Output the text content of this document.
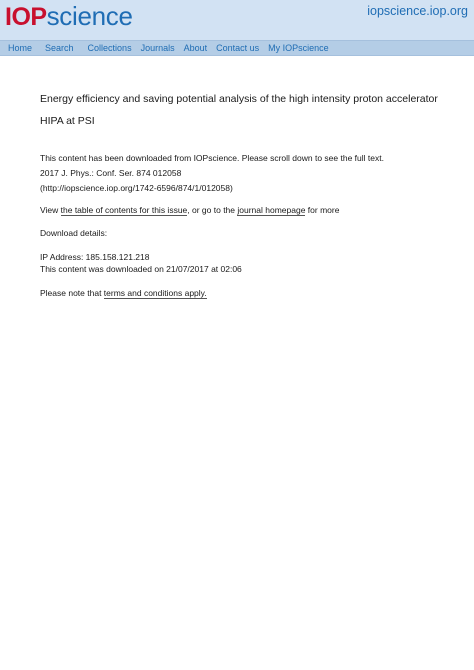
IOP science	iopscience.iop.org
Home Search Collections Journals About Contact us My IOPscience
Energy efficiency and saving potential analysis of the high intensity proton accelerator HIPA at PSI

This content has been downloaded from IOPscience. Please scroll down to see the full text.

2017 J. Phys.: Conf. Ser. 874 012058

(http://iopscience.iop.org/1742-6596/874/1/012058)

View the table of contents for this issue, or go to the journal homepage for more

Download details:

IP Address: 185.158.121.218

This content was downloaded on 21/07/2017 at 02:06

Please note that terms and conditions apply.
